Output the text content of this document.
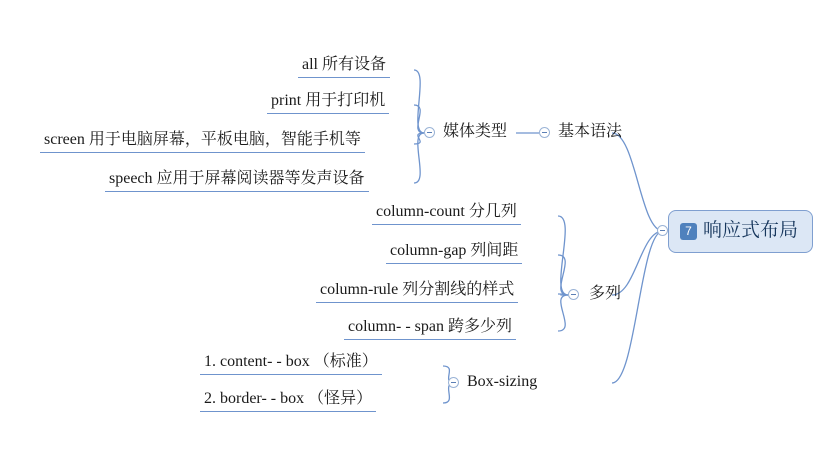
7 响应式布局
基本语法
多列
Box-sizing
媒体类型
all 所有设备
print 用于打印机
screen 用于电脑屏幕，平板电脑，智能手机等
speech 应用于屏幕阅读器等发声设备
column-count 分几列
column-gap 列间距
column-rule 列分割线的样式
column- - span 跨多少列
1. content- - box （标准）
2. border- - box （怪异）
